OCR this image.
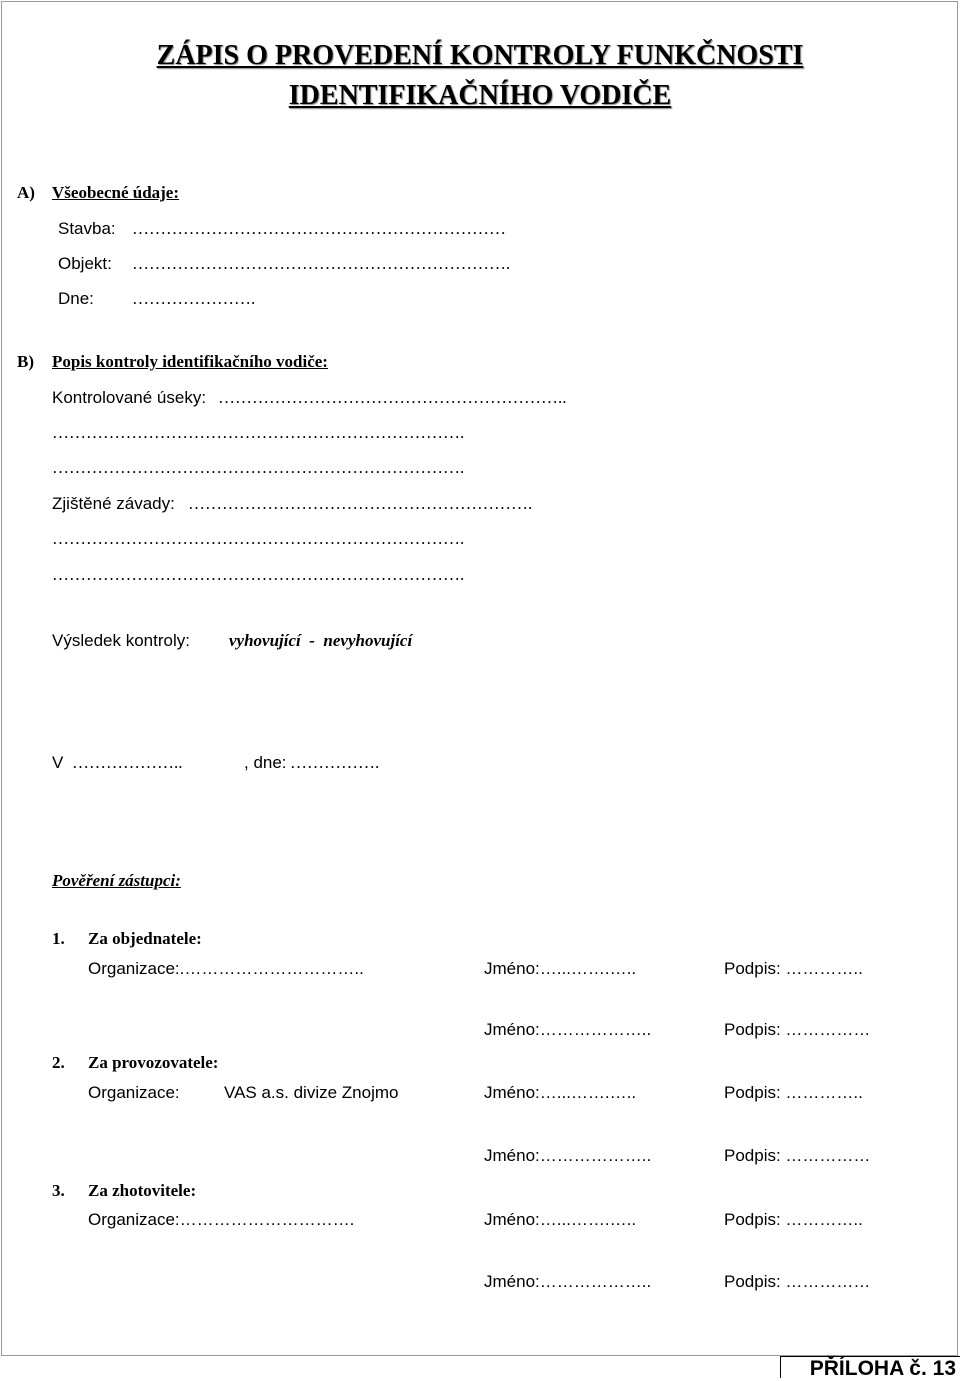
ZÁPIS O PROVEDENÍ KONTROLY FUNKČNOSTI
IDENTIFIKAČNÍHO VODIČE
A) Všeobecné údaje:
Stavba: …………………………………………………………
Objekt: ………………………………………………………….
Dne: ………………….
B) Popis kontroly identifikačního vodiče:
Kontrolované úseky: ……………………………………………………..
……………………………………………………………….
……………………………………………………………….
Zjištěné závady: …………………………………………………….
……………………………………………………………….
……………………………………………………………….
Výsledek kontroly: vyhovující  -  nevyhovující
V ………………..	, dne: …………….
Pověření zástupci:
1. Za objednatele:
Organizace:.…………………………..	Jméno:…...…….…..	Podpis: …………..
Jméno:………………..	Podpis: ……………
2. Za provozovatele:
Organizace:	VAS a.s. divize Znojmo	Jméno:…...…….…..	Podpis: …………..
Jméno:………………..	Podpis: ……………
3. Za zhotovitele:
Organizace:………………………….	Jméno:…...…….…..	Podpis: …………..
Jméno:………………..	Podpis: ……………
PŘÍLOHA č. 13
